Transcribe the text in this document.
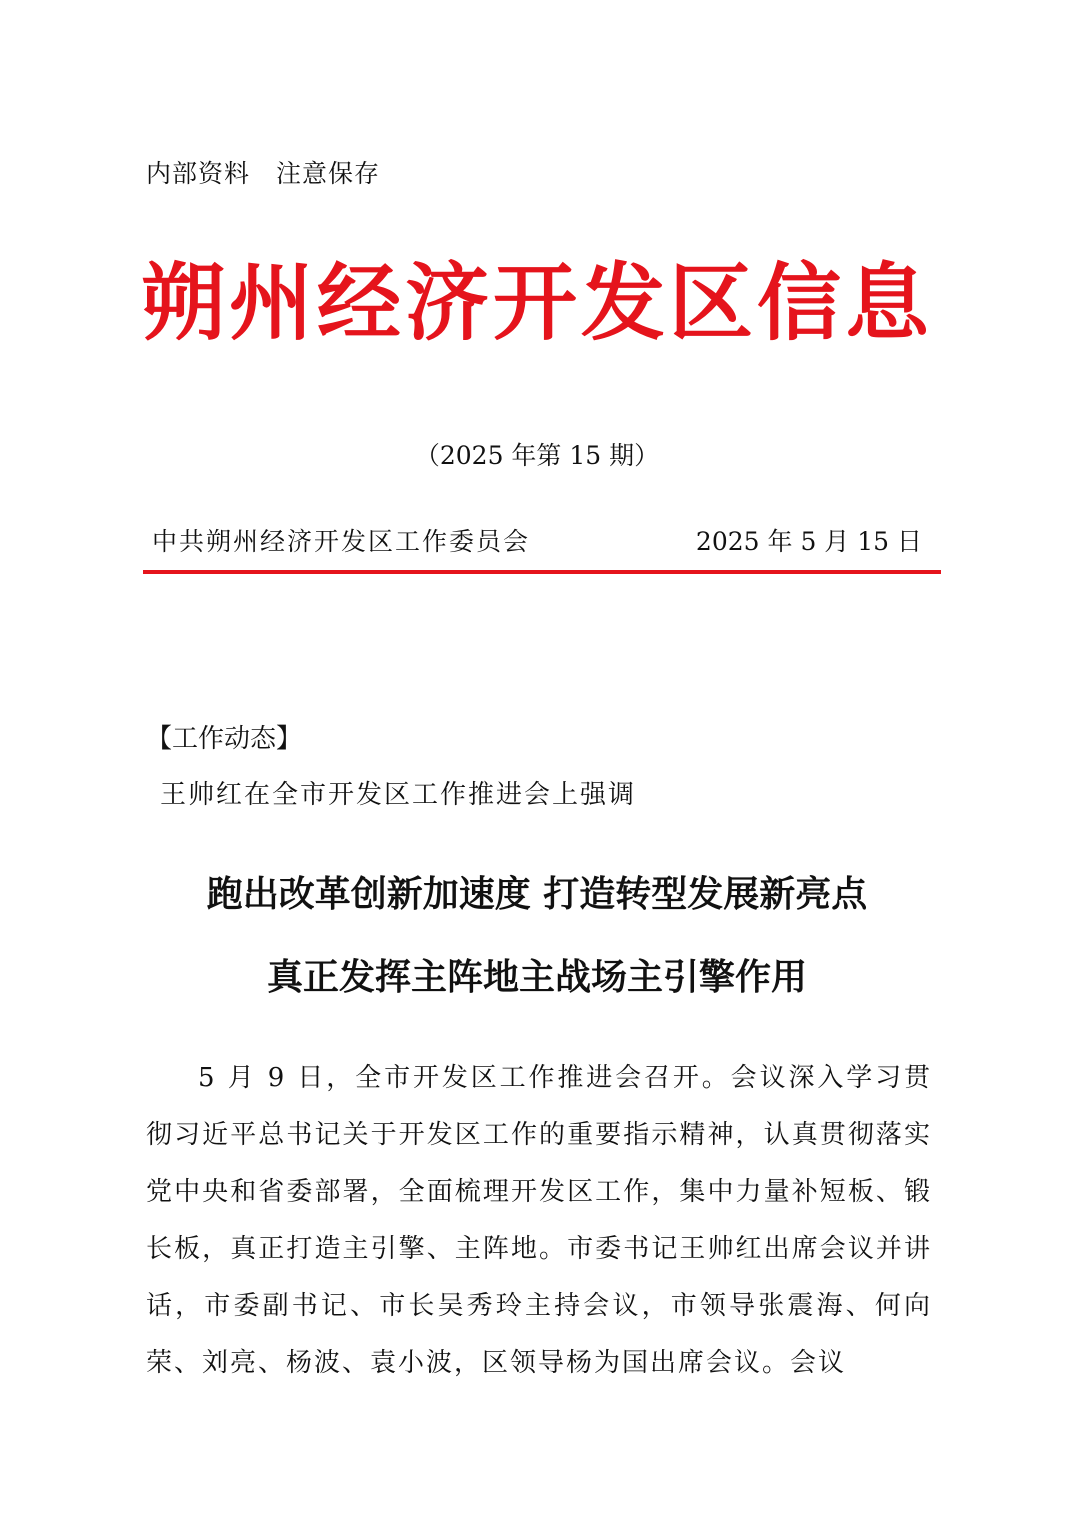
内部资料　注意保存
朔州经济开发区信息
（2025 年第 15 期）
中共朔州经济开发区工作委员会	2025 年 5 月 15 日
【工作动态】
王帅红在全市开发区工作推进会上强调
跑出改革创新加速度 打造转型发展新亮点
真正发挥主阵地主战场主引擎作用

5 月 9 日，全市开发区工作推进会召开。会议深入学习贯彻习近平总书记关于开发区工作的重要指示精神，认真贯彻落实党中央和省委部署，全面梳理开发区工作，集中力量补短板、锻长板，真正打造主引擎、主阵地。市委书记王帅红出席会议并讲话，市委副书记、市长吴秀玲主持会议，市领导张震海、何向荣、刘亮、杨波、袁小波，区领导杨为国出席会议。会议
